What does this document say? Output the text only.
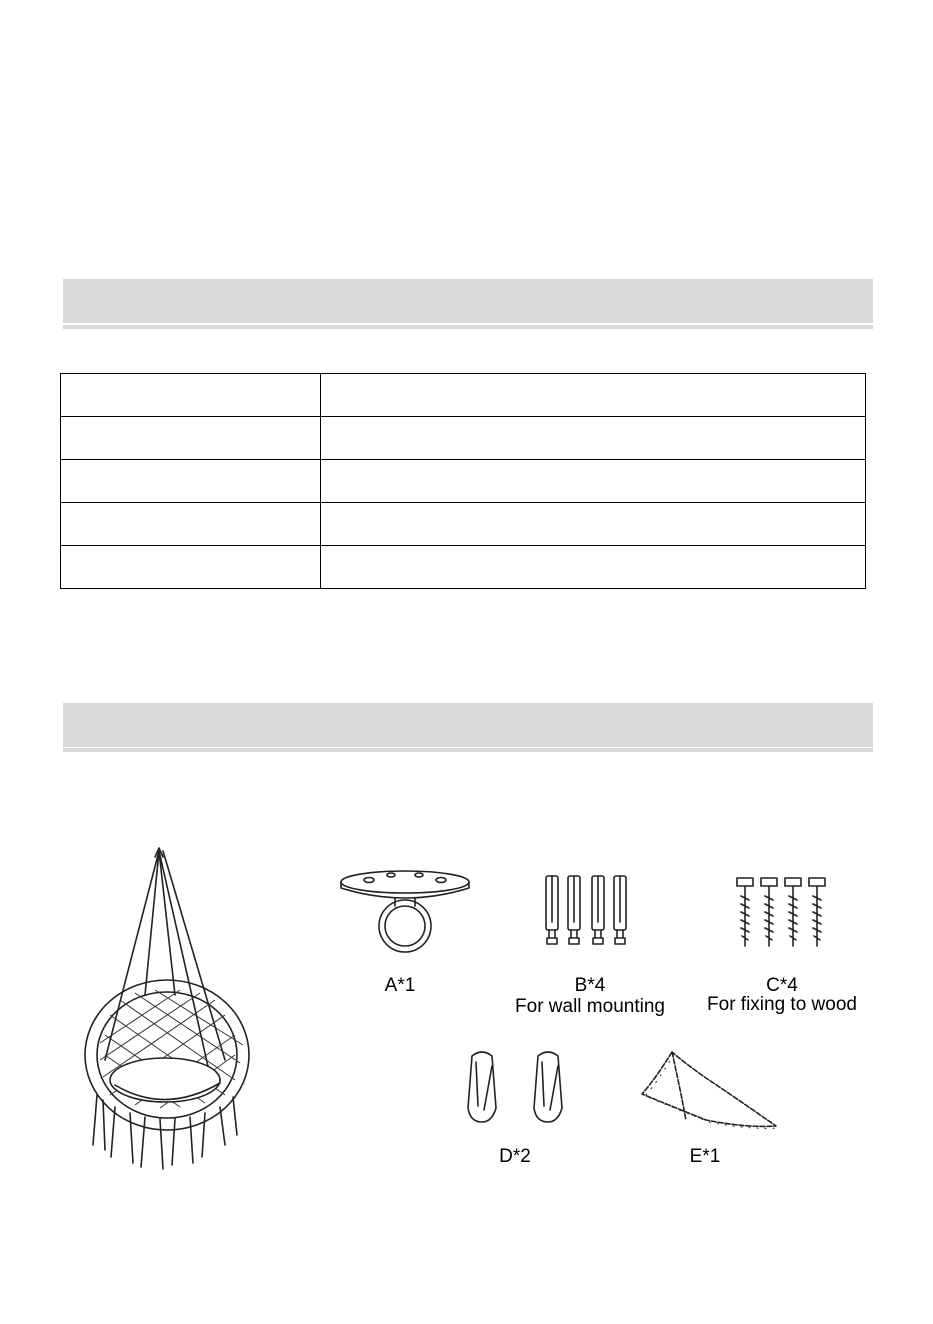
A*1	B*4
For wall mounting
C*4
For fixing to wood
D*2	E*1
